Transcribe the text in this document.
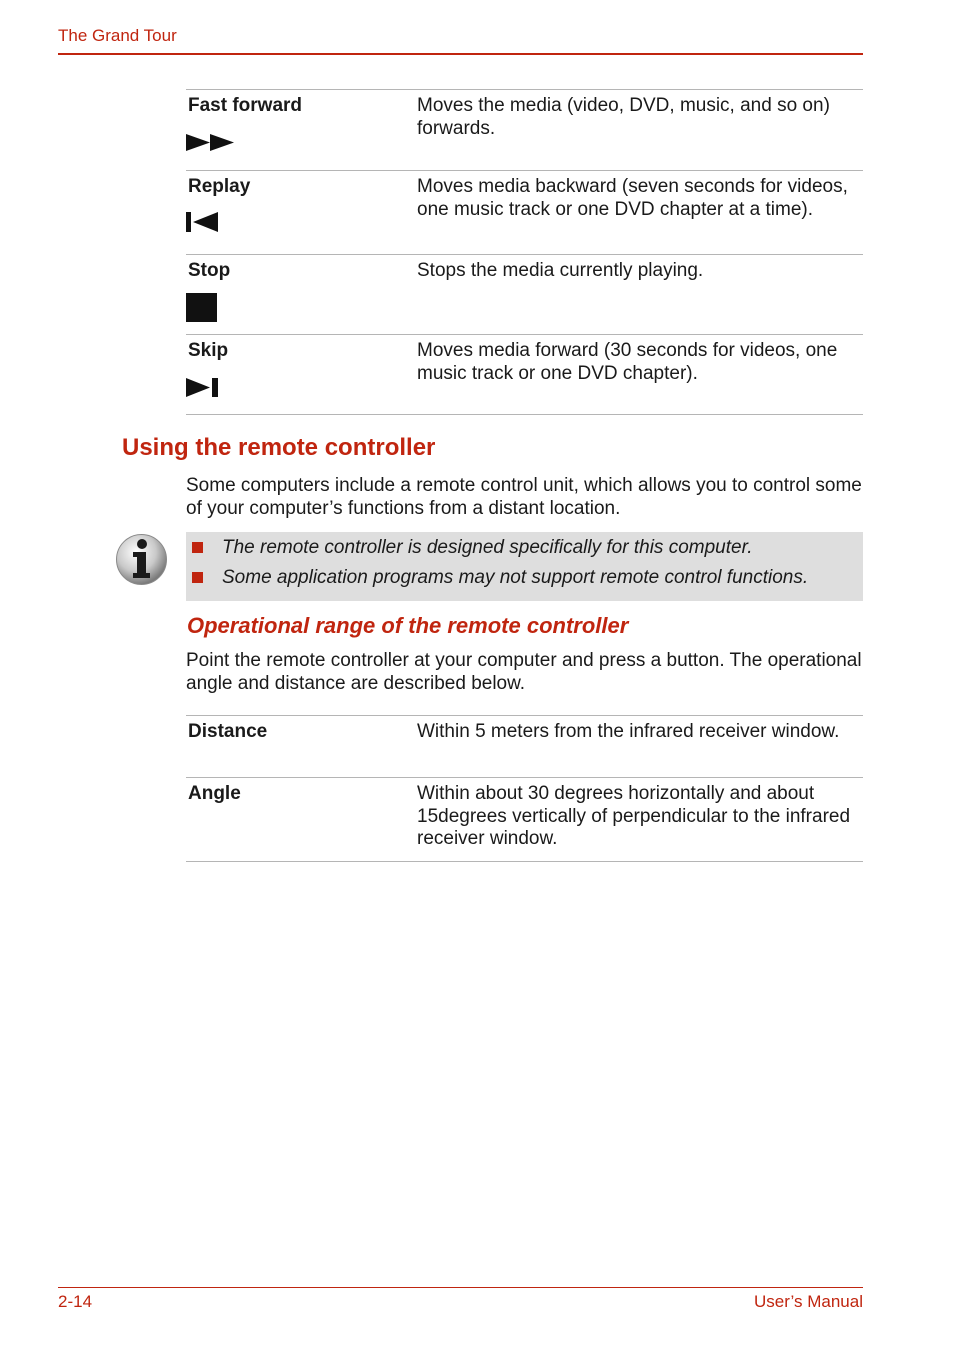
The Grand Tour
Fast forward	Moves the media (video, DVD, music, and so on) forwards.
Replay	Moves media backward (seven seconds for videos, one music track or one DVD chapter at a time).
Stop	Stops the media currently playing.
Skip	Moves media forward (30 seconds for videos, one music track or one DVD chapter).
Using the remote controller
Some computers include a remote control unit, which allows you to control some of your computer’s functions from a distant location.
The remote controller is designed specifically for this computer.
Some application programs may not support remote control functions.
Operational range of the remote controller
Point the remote controller at your computer and press a button. The operational angle and distance are described below.
Distance	Within 5 meters from the infrared receiver window.
Angle	Within about 30 degrees horizontally and about 15degrees vertically of perpendicular to the infrared receiver window.
2-14	User’s Manual
